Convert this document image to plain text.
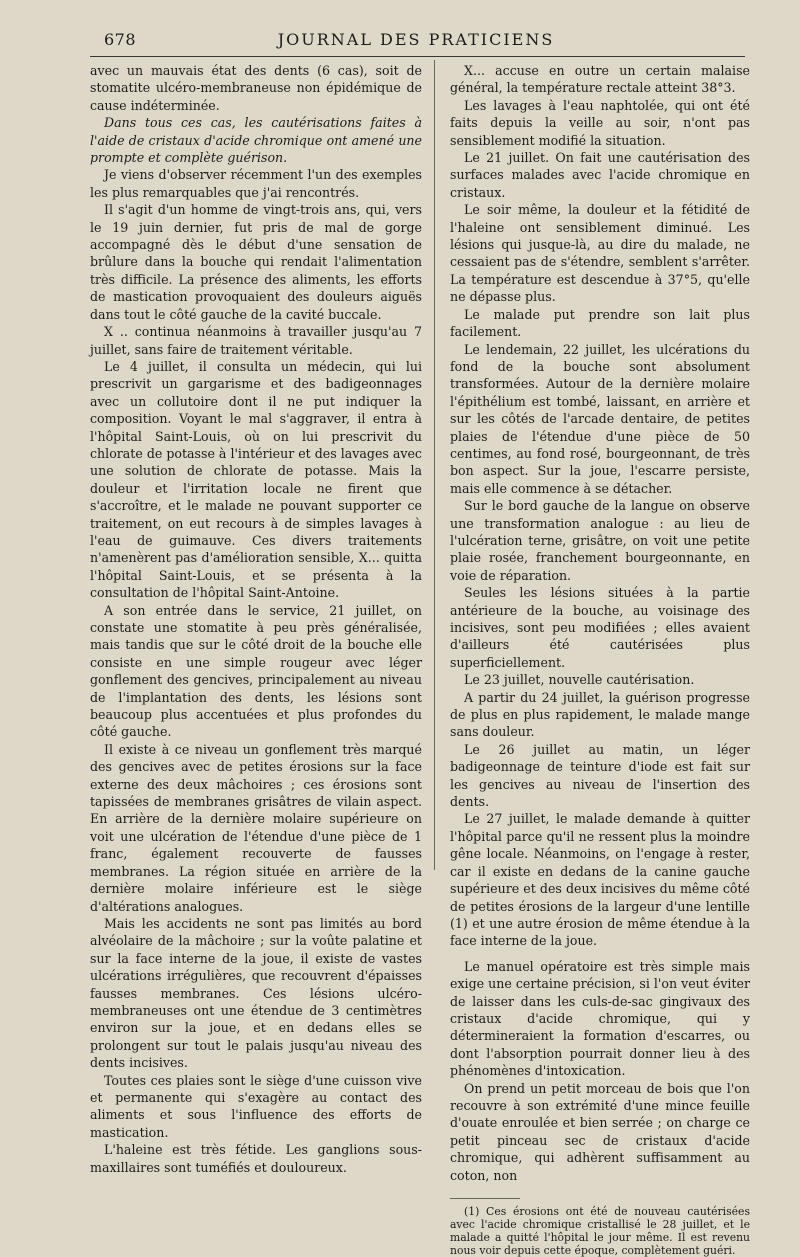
678	JOURNAL DES PRATICIENS

avec un mauvais état des dents (6 cas), soit de stomatite ulcéro-membraneuse non épidémique de cause indéterminée.

Dans tous ces cas, les cautérisations faites à l'aide de cristaux d'acide chromique ont amené une prompte et complète guérison.

Je viens d'observer récemment l'un des exemples les plus remarquables que j'ai rencontrés.

Il s'agit d'un homme de vingt-trois ans, qui, vers le 19 juin dernier, fut pris de mal de gorge accompagné dès le début d'une sensation de brûlure dans la bouche qui rendait l'alimentation très difficile. La présence des aliments, les efforts de mastication provoquaient des douleurs aiguës dans tout le côté gauche de la cavité buccale.

X .. continua néanmoins à travailler jusqu'au 7 juillet, sans faire de traitement véritable.

Le 4 juillet, il consulta un médecin, qui lui prescrivit un gargarisme et des badigeonnages avec un collutoire dont il ne put indiquer la composition. Voyant le mal s'aggraver, il entra à l'hôpital Saint-Louis, où on lui prescrivit du chlorate de potasse à l'intérieur et des lavages avec une solution de chlorate de potasse. Mais la douleur et l'irritation locale ne firent que s'accroître, et le malade ne pouvant supporter ce traitement, on eut recours à de simples lavages à l'eau de guimauve. Ces divers traitements n'amenèrent pas d'amélioration sensible, X... quitta l'hôpital Saint-Louis, et se présenta à la consultation de l'hôpital Saint-Antoine.

A son entrée dans le service, 21 juillet, on constate une stomatite à peu près généralisée, mais tandis que sur le côté droit de la bouche elle consiste en une simple rougeur avec léger gonflement des gencives, principalement au niveau de l'implantation des dents, les lésions sont beaucoup plus accentuées et plus profondes du côté gauche.

Il existe à ce niveau un gonflement très marqué des gencives avec de petites érosions sur la face externe des deux mâchoires ; ces érosions sont tapissées de membranes grisâtres de vilain aspect. En arrière de la dernière molaire supérieure on voit une ulcération de l'étendue d'une pièce de 1 franc, également recouverte de fausses membranes. La région située en arrière de la dernière molaire inférieure est le siège d'altérations analogues.

Mais les accidents ne sont pas limités au bord alvéolaire de la mâchoire ; sur la voûte palatine et sur la face interne de la joue, il existe de vastes ulcérations irrégulières, que recouvrent d'épaisses fausses membranes. Ces lésions ulcéro-membraneuses ont une étendue de 3 centimètres environ sur la joue, et en dedans elles se prolongent sur tout le palais jusqu'au niveau des dents incisives.

Toutes ces plaies sont le siège d'une cuisson vive et permanente qui s'exagère au contact des aliments et sous l'influence des efforts de mastication.

L'haleine est très fétide. Les ganglions sous-maxillaires sont tuméfiés et douloureux.

X... accuse en outre un certain malaise général, la température rectale atteint 38°3.

Les lavages à l'eau naphtolée, qui ont été faits depuis la veille au soir, n'ont pas sensiblement modifié la situation.

Le 21 juillet. On fait une cautérisation des surfaces malades avec l'acide chromique en cristaux.

Le soir même, la douleur et la fétidité de l'haleine ont sensiblement diminué. Les lésions qui jusque-là, au dire du malade, ne cessaient pas de s'étendre, semblent s'arrêter. La température est descendue à 37°5, qu'elle ne dépasse plus.

Le malade put prendre son lait plus facilement.

Le lendemain, 22 juillet, les ulcérations du fond de la bouche sont absolument transformées. Autour de la dernière molaire l'épithélium est tombé, laissant, en arrière et sur les côtés de l'arcade dentaire, de petites plaies de l'étendue d'une pièce de 50 centimes, au fond rosé, bourgeonnant, de très bon aspect. Sur la joue, l'escarre persiste, mais elle commence à se détacher.

Sur le bord gauche de la langue on observe une transformation analogue : au lieu de l'ulcération terne, grisâtre, on voit une petite plaie rosée, franchement bourgeonnante, en voie de réparation.

Seules les lésions situées à la partie antérieure de la bouche, au voisinage des incisives, sont peu modifiées ; elles avaient d'ailleurs été cautérisées plus superficiellement.

Le 23 juillet, nouvelle cautérisation.

A partir du 24 juillet, la guérison progresse de plus en plus rapidement, le malade mange sans douleur.

Le 26 juillet au matin, un léger badigeonnage de teinture d'iode est fait sur les gencives au niveau de l'insertion des dents.

Le 27 juillet, le malade demande à quitter l'hôpital parce qu'il ne ressent plus la moindre gêne locale. Néanmoins, on l'engage à rester, car il existe en dedans de la canine gauche supérieure et des deux incisives du même côté de petites érosions de la largeur d'une lentille (1) et une autre érosion de même étendue à la face interne de la joue.

Le manuel opératoire est très simple mais exige une certaine précision, si l'on veut éviter de laisser dans les culs-de-sac gingivaux des cristaux d'acide chromique, qui y détermineraient la formation d'escarres, ou dont l'absorption pourrait donner lieu à des phénomènes d'intoxication.

On prend un petit morceau de bois que l'on recouvre à son extrémité d'une mince feuille d'ouate enroulée et bien serrée ; on charge ce petit pinceau sec de cristaux d'acide chromique, qui adhèrent suffisamment au coton, non

(1) Ces érosions ont été de nouveau cautérisées avec l'acide chromique cristallisé le 28 juillet, et le malade a quitté l'hôpital le jour même. Il est revenu nous voir depuis cette époque, complètement guéri.
